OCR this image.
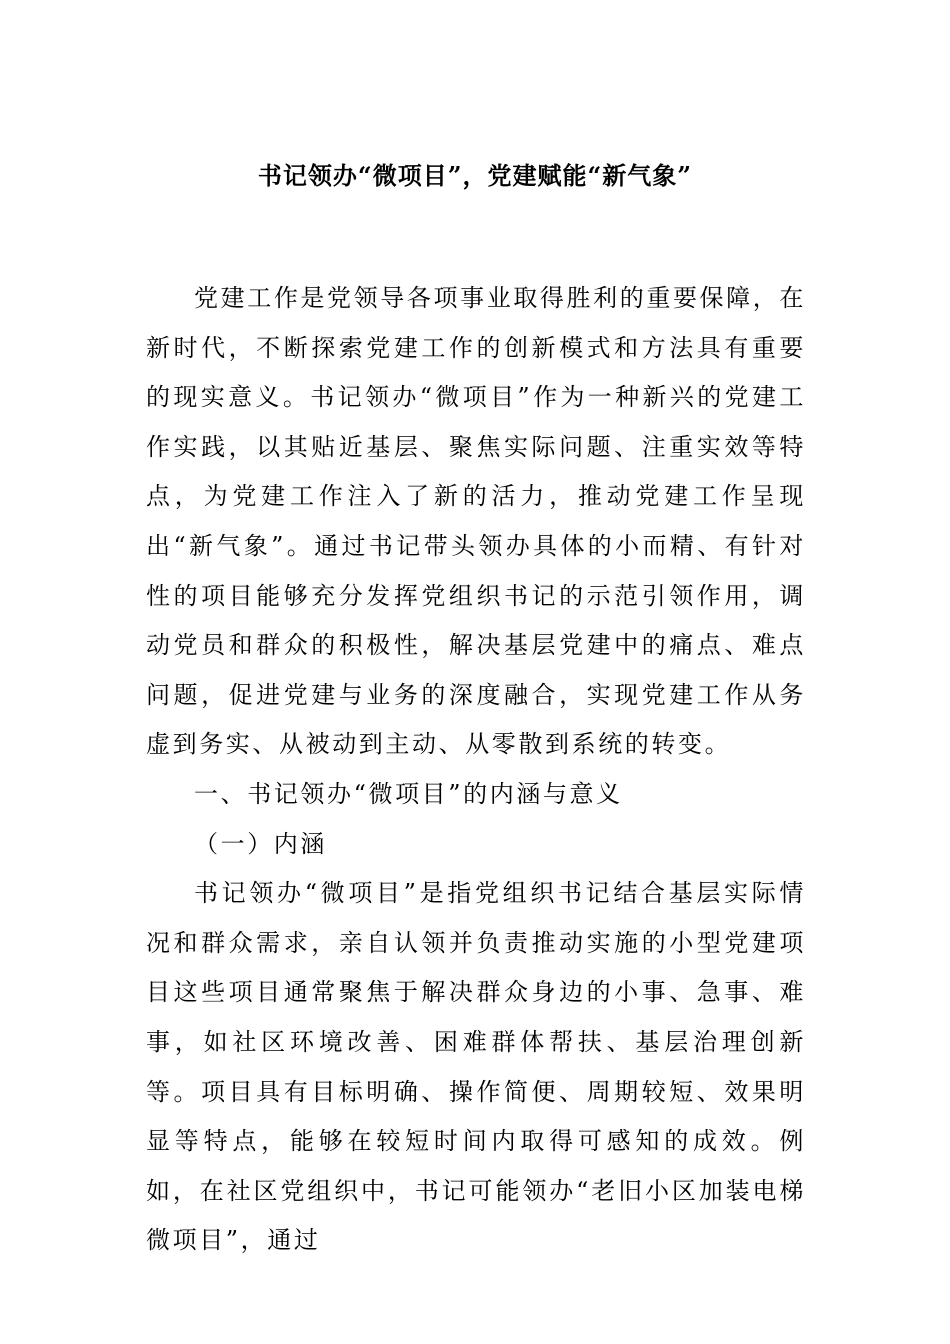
书记领办“微项目”，党建赋能“新气象”

党建工作是党领导各项事业取得胜利的重要保障，在新时代，不断探索党建工作的创新模式和方法具有重要的现实意义。书记领办“微项目”作为一种新兴的党建工作实践，以其贴近基层、聚焦实际问题、注重实效等特点，为党建工作注入了新的活力，推动党建工作呈现出“新气象”。通过书记带头领办具体的小而精、有针对性的项目能够充分发挥党组织书记的示范引领作用，调动党员和群众的积极性，解决基层党建中的痛点、难点问题，促进党建与业务的深度融合，实现党建工作从务虚到务实、从被动到主动、从零散到系统的转变。

一、书记领办“微项目”的内涵与意义

（一）内涵

书记领办“微项目”是指党组织书记结合基层实际情况和群众需求，亲自认领并负责推动实施的小型党建项目这些项目通常聚焦于解决群众身边的小事、急事、难事，如社区环境改善、困难群体帮扶、基层治理创新等。项目具有目标明确、操作简便、周期较短、效果明显等特点，能够在较短时间内取得可感知的成效。例如，在社区党组织中，书记可能领办“老旧小区加装电梯微项目”，通过
